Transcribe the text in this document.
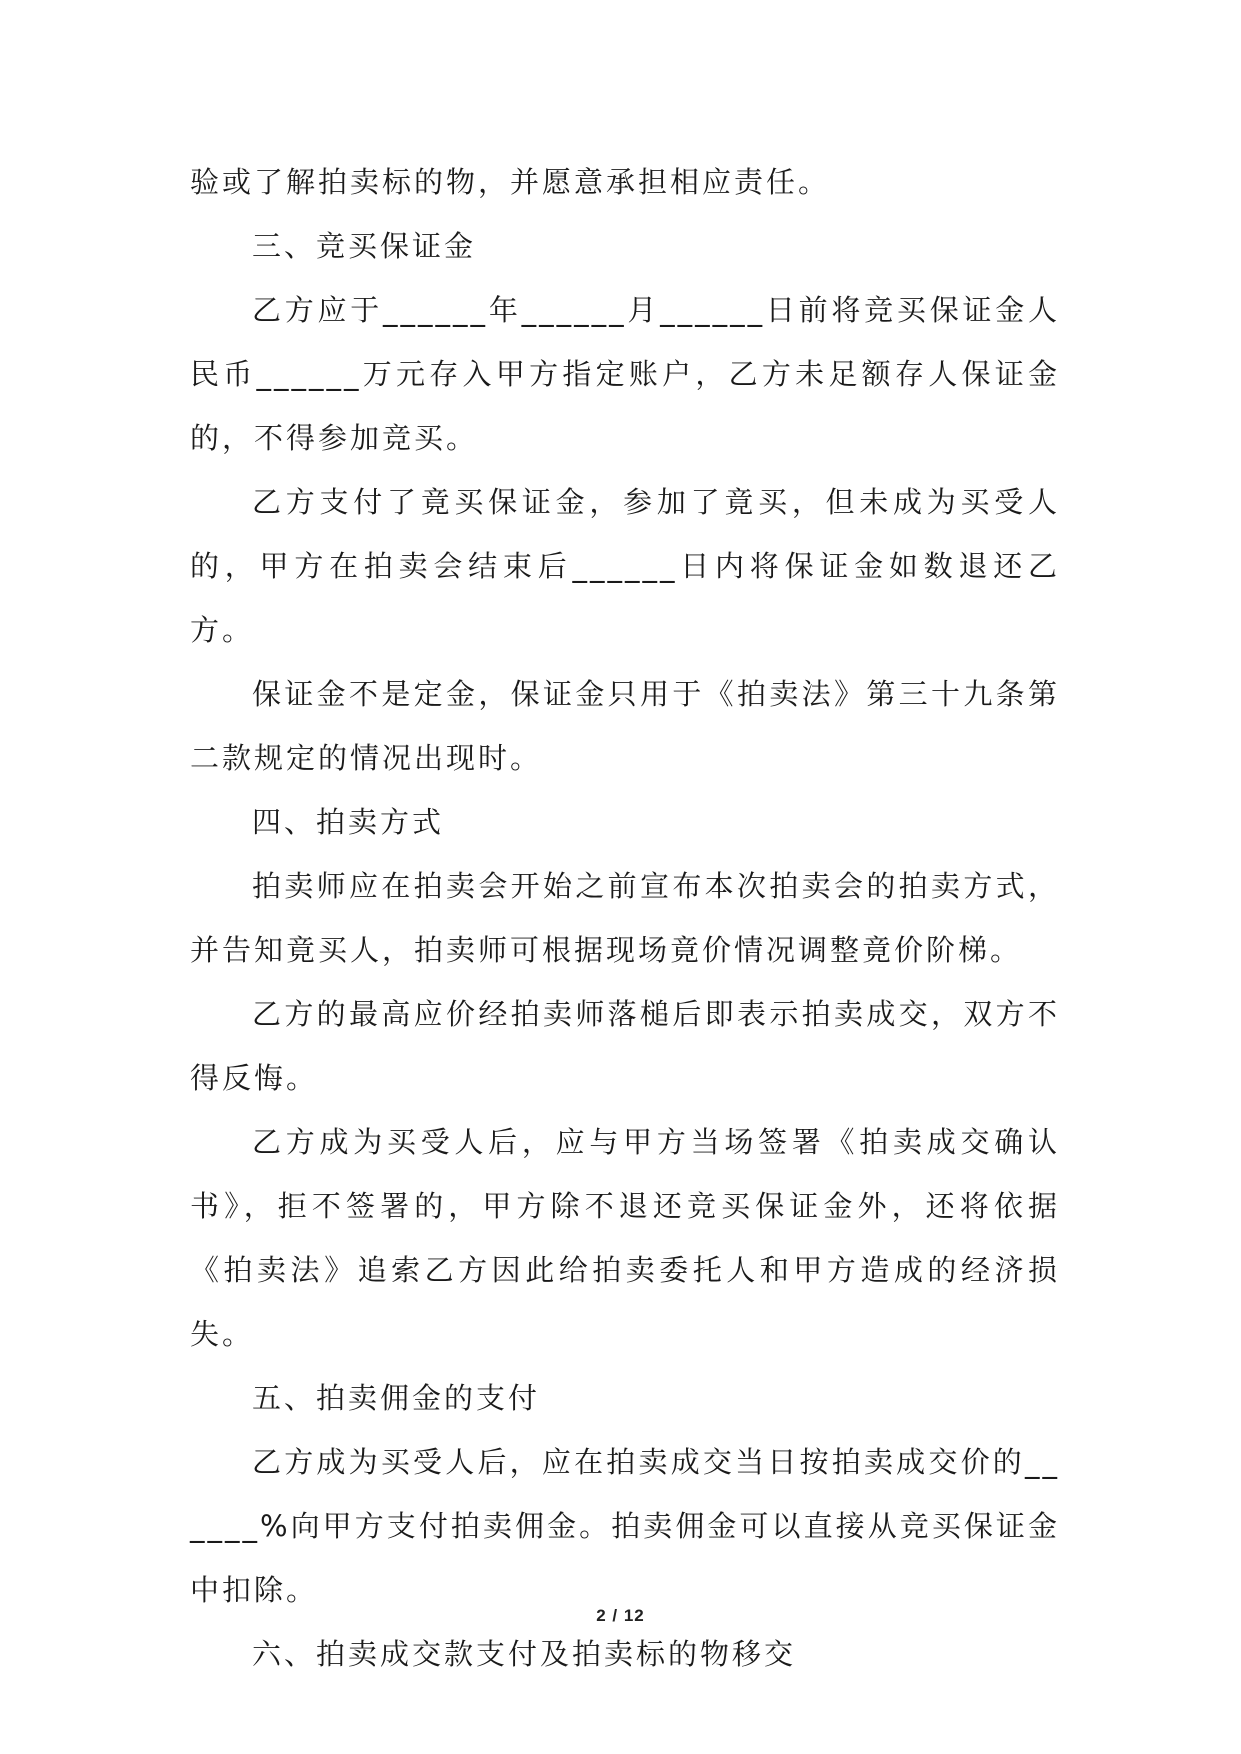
验或了解拍卖标的物，并愿意承担相应责任。

三、竞买保证金

乙方应于______年______月______日前将竞买保证金人民币______万元存入甲方指定账户，乙方未足额存人保证金的，不得参加竞买。

乙方支付了竟买保证金，参加了竟买，但未成为买受人的，甲方在拍卖会结束后______日内将保证金如数退还乙方。

保证金不是定金，保证金只用于《拍卖法》第三十九条第二款规定的情况出现时。

四、拍卖方式

拍卖师应在拍卖会开始之前宣布本次拍卖会的拍卖方式，并告知竟买人，拍卖师可根据现场竟价情况调整竟价阶梯。

乙方的最高应价经拍卖师落槌后即表示拍卖成交，双方不得反悔。

乙方成为买受人后，应与甲方当场签署《拍卖成交确认书》，拒不签署的，甲方除不退还竞买保证金外，还将依据《拍卖法》追索乙方因此给拍卖委托人和甲方造成的经济损失。

五、拍卖佣金的支付

乙方成为买受人后，应在拍卖成交当日按拍卖成交价的______%向甲方支付拍卖佣金。拍卖佣金可以直接从竞买保证金中扣除。

六、拍卖成交款支付及拍卖标的物移交

2 / 12
